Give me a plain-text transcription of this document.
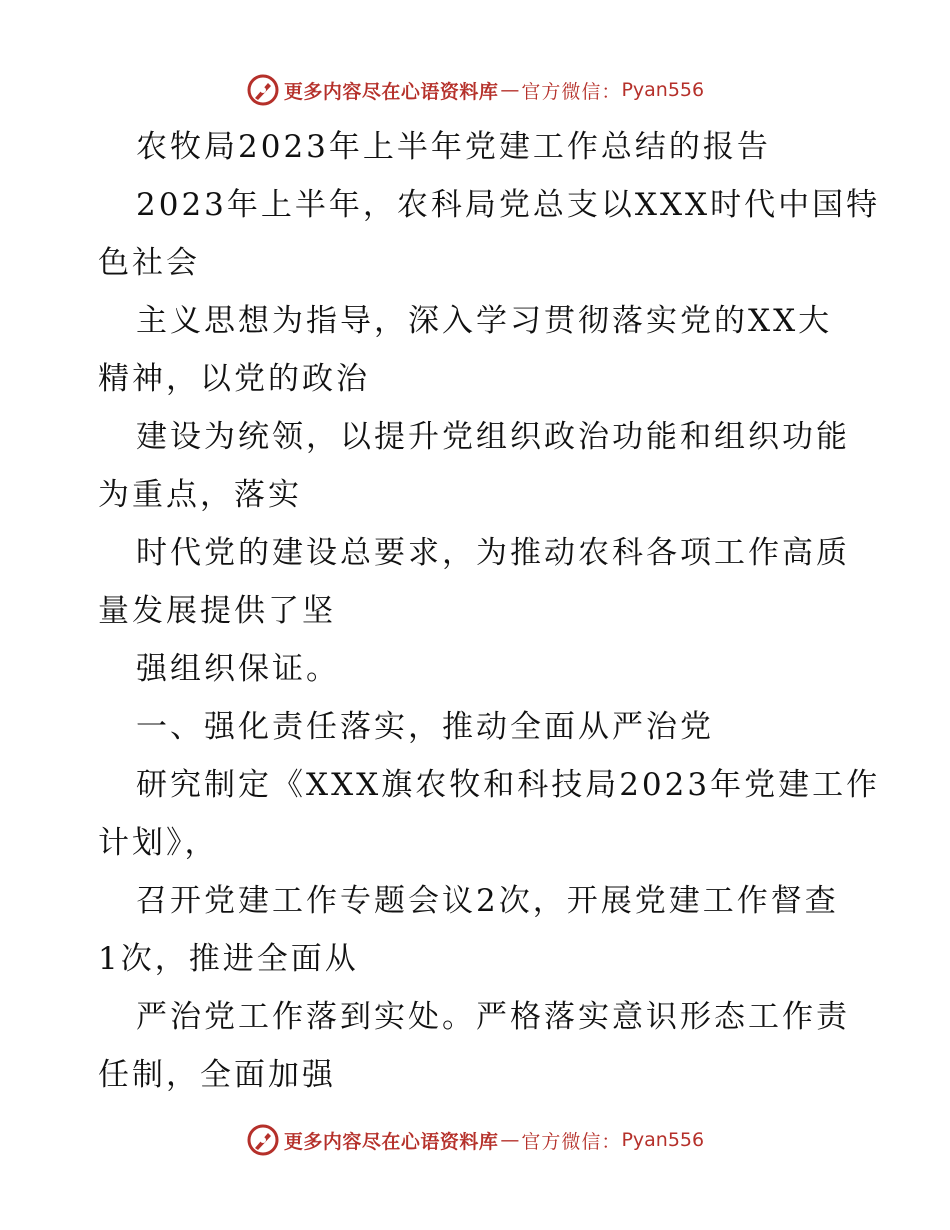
更多内容尽在心语资料库 — 官方微信： Pyan556
农牧局2023年上半年党建工作总结的报告
2023年上半年，农科局党总支以XXX时代中国特
色社会
主义思想为指导，深入学习贯彻落实党的XX大
精神，以党的政治
建设为统领，以提升党组织政治功能和组织功能
为重点，落实
时代党的建设总要求，为推动农科各项工作高质
量发展提供了坚
强组织保证。
一、强化责任落实，推动全面从严治党
研究制定《XXX旗农牧和科技局2023年党建工作
计划》，
召开党建工作专题会议2次，开展党建工作督查
1次，推进全面从
严治党工作落到实处。严格落实意识形态工作责
任制，全面加强
更多内容尽在心语资料库 — 官方微信： Pyan556
